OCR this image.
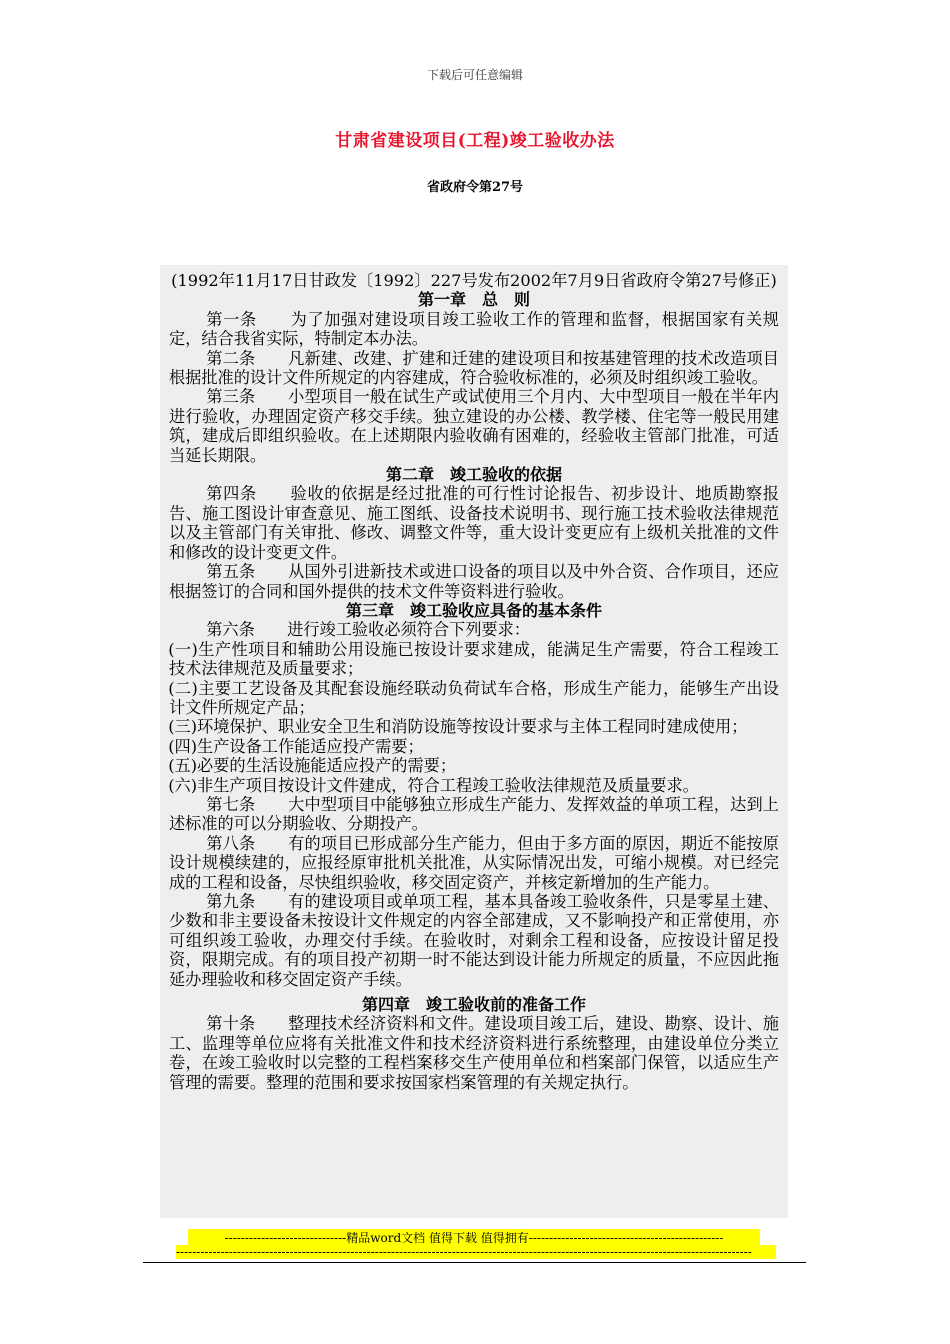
下载后可任意编辑
甘肃省建设项目(工程)竣工验收办法
省政府令第27号

(1992年11月17日甘政发〔1992〕227号发布2002年7月9日省政府令第27号修正)

第一章　总　则

第一条　　为了加强对建设项目竣工验收工作的管理和监督，根据国家有关规定，结合我省实际，特制定本办法。

第二条　　凡新建、改建、扩建和迁建的建设项目和按基建管理的技术改造项目根据批准的设计文件所规定的内容建成，符合验收标准的，必须及时组织竣工验收。

第三条　　小型项目一般在试生产或试使用三个月内、大中型项目一般在半年内进行验收，办理固定资产移交手续。独立建设的办公楼、教学楼、住宅等一般民用建筑，建成后即组织验收。在上述期限内验收确有困难的，经验收主管部门批准，可适当延长期限。

第二章　竣工验收的依据

第四条　　验收的依据是经过批准的可行性讨论报告、初步设计、地质勘察报告、施工图设计审查意见、施工图纸、设备技术说明书、现行施工技术验收法律规范以及主管部门有关审批、修改、调整文件等，重大设计变更应有上级机关批准的文件和修改的设计变更文件。

第五条　　从国外引进新技术或进口设备的项目以及中外合资、合作项目，还应根据签订的合同和国外提供的技术文件等资料进行验收。

第三章　竣工验收应具备的基本条件

第六条　　进行竣工验收必须符合下列要求：

(一)生产性项目和辅助公用设施已按设计要求建成，能满足生产需要，符合工程竣工技术法律规范及质量要求；

(二)主要工艺设备及其配套设施经联动负荷试车合格，形成生产能力，能够生产出设计文件所规定产品；

(三)环境保护、职业安全卫生和消防设施等按设计要求与主体工程同时建成使用；

(四)生产设备工作能适应投产需要；

(五)必要的生活设施能适应投产的需要；

(六)非生产项目按设计文件建成，符合工程竣工验收法律规范及质量要求。

第七条　　大中型项目中能够独立形成生产能力、发挥效益的单项工程，达到上述标准的可以分期验收、分期投产。

第八条　　有的项目已形成部分生产能力，但由于多方面的原因，期近不能按原设计规模续建的，应报经原审批机关批准，从实际情况出发，可缩小规模。对已经完成的工程和设备，尽快组织验收，移交固定资产，并核定新增加的生产能力。

第九条　　有的建设项目或单项工程，基本具备竣工验收条件，只是零星土建、少数和非主要设备未按设计文件规定的内容全部建成，又不影响投产和正常使用，亦可组织竣工验收，办理交付手续。在验收时，对剩余工程和设备，应按设计留足投资，限期完成。有的项目投产初期一时不能达到设计能力所规定的质量，不应因此拖延办理验收和移交固定资产手续。

第四章　竣工验收前的准备工作

第十条　　整理技术经济资料和文件。建设项目竣工后，建设、勘察、设计、施工、监理等单位应将有关批准文件和技术经济资料进行系统整理，由建设单位分类立卷，在竣工验收时以完整的工程档案移交生产使用单位和档案部门保管，以适应生产管理的需要。整理的范围和要求按国家档案管理的有关规定执行。

------------------------------精品word文档 值得下载 值得拥有------------------------------------------------
----------------------------------------------------------------------------------------------------------------------------------------------
